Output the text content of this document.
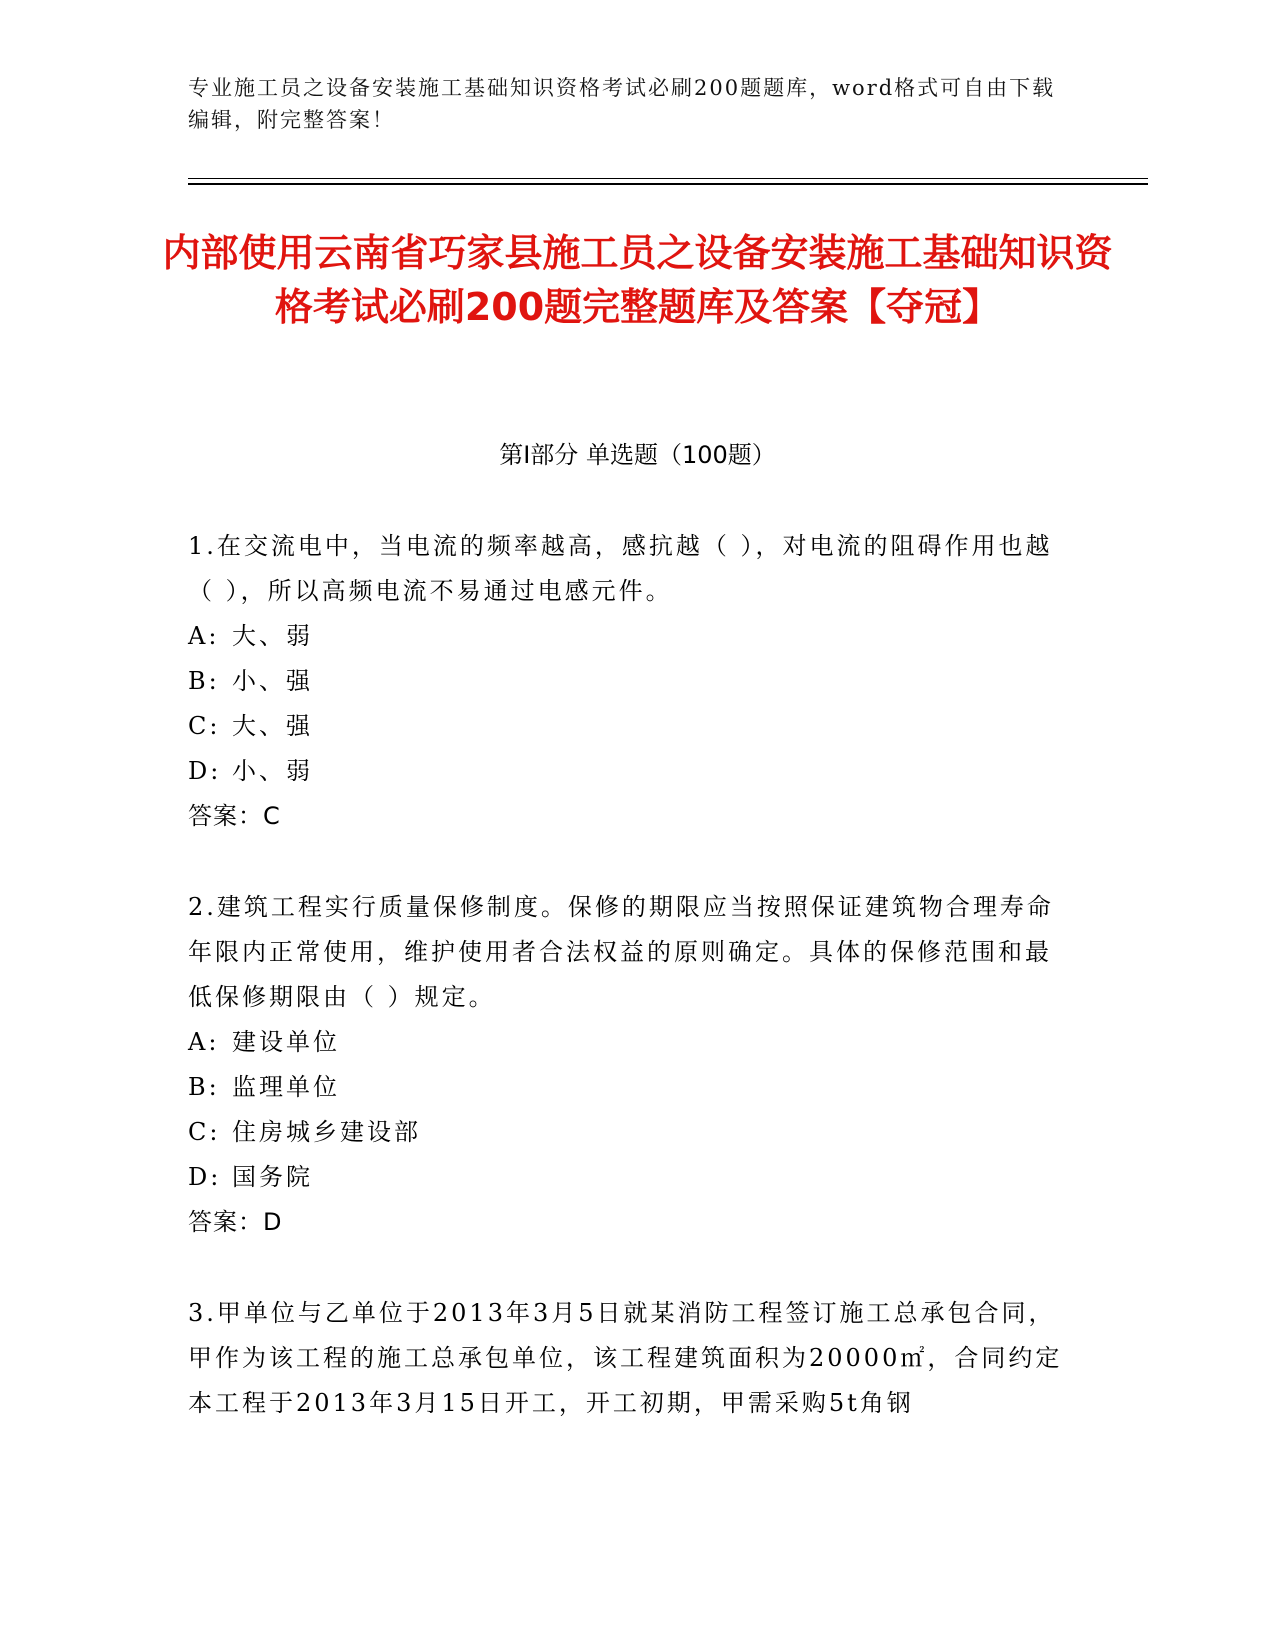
专业施工员之设备安装施工基础知识资格考试必刷200题题库，word格式可自由下载编辑，附完整答案！
内部使用云南省巧家县施工员之设备安装施工基础知识资格考试必刷200题完整题库及答案【夺冠】
第Ⅰ部分 单选题（100题）

1.在交流电中，当电流的频率越高，感抗越（ ），对电流的阻碍作用也越（ ），所以高频电流不易通过电感元件。

A: 大、弱
B: 小、强
C: 大、强
D: 小、弱
答案：C

2.建筑工程实行质量保修制度。保修的期限应当按照保证建筑物合理寿命年限内正常使用，维护使用者合法权益的原则确定。具体的保修范围和最低保修期限由（ ）规定。

A: 建设单位
B: 监理单位
C: 住房城乡建设部
D: 国务院
答案：D

3.甲单位与乙单位于2013年3月5日就某消防工程签订施工总承包合同，甲作为该工程的施工总承包单位，该工程建筑面积为20000㎡，合同约定本工程于2013年3月15日开工，开工初期，甲需采购5t角钢
